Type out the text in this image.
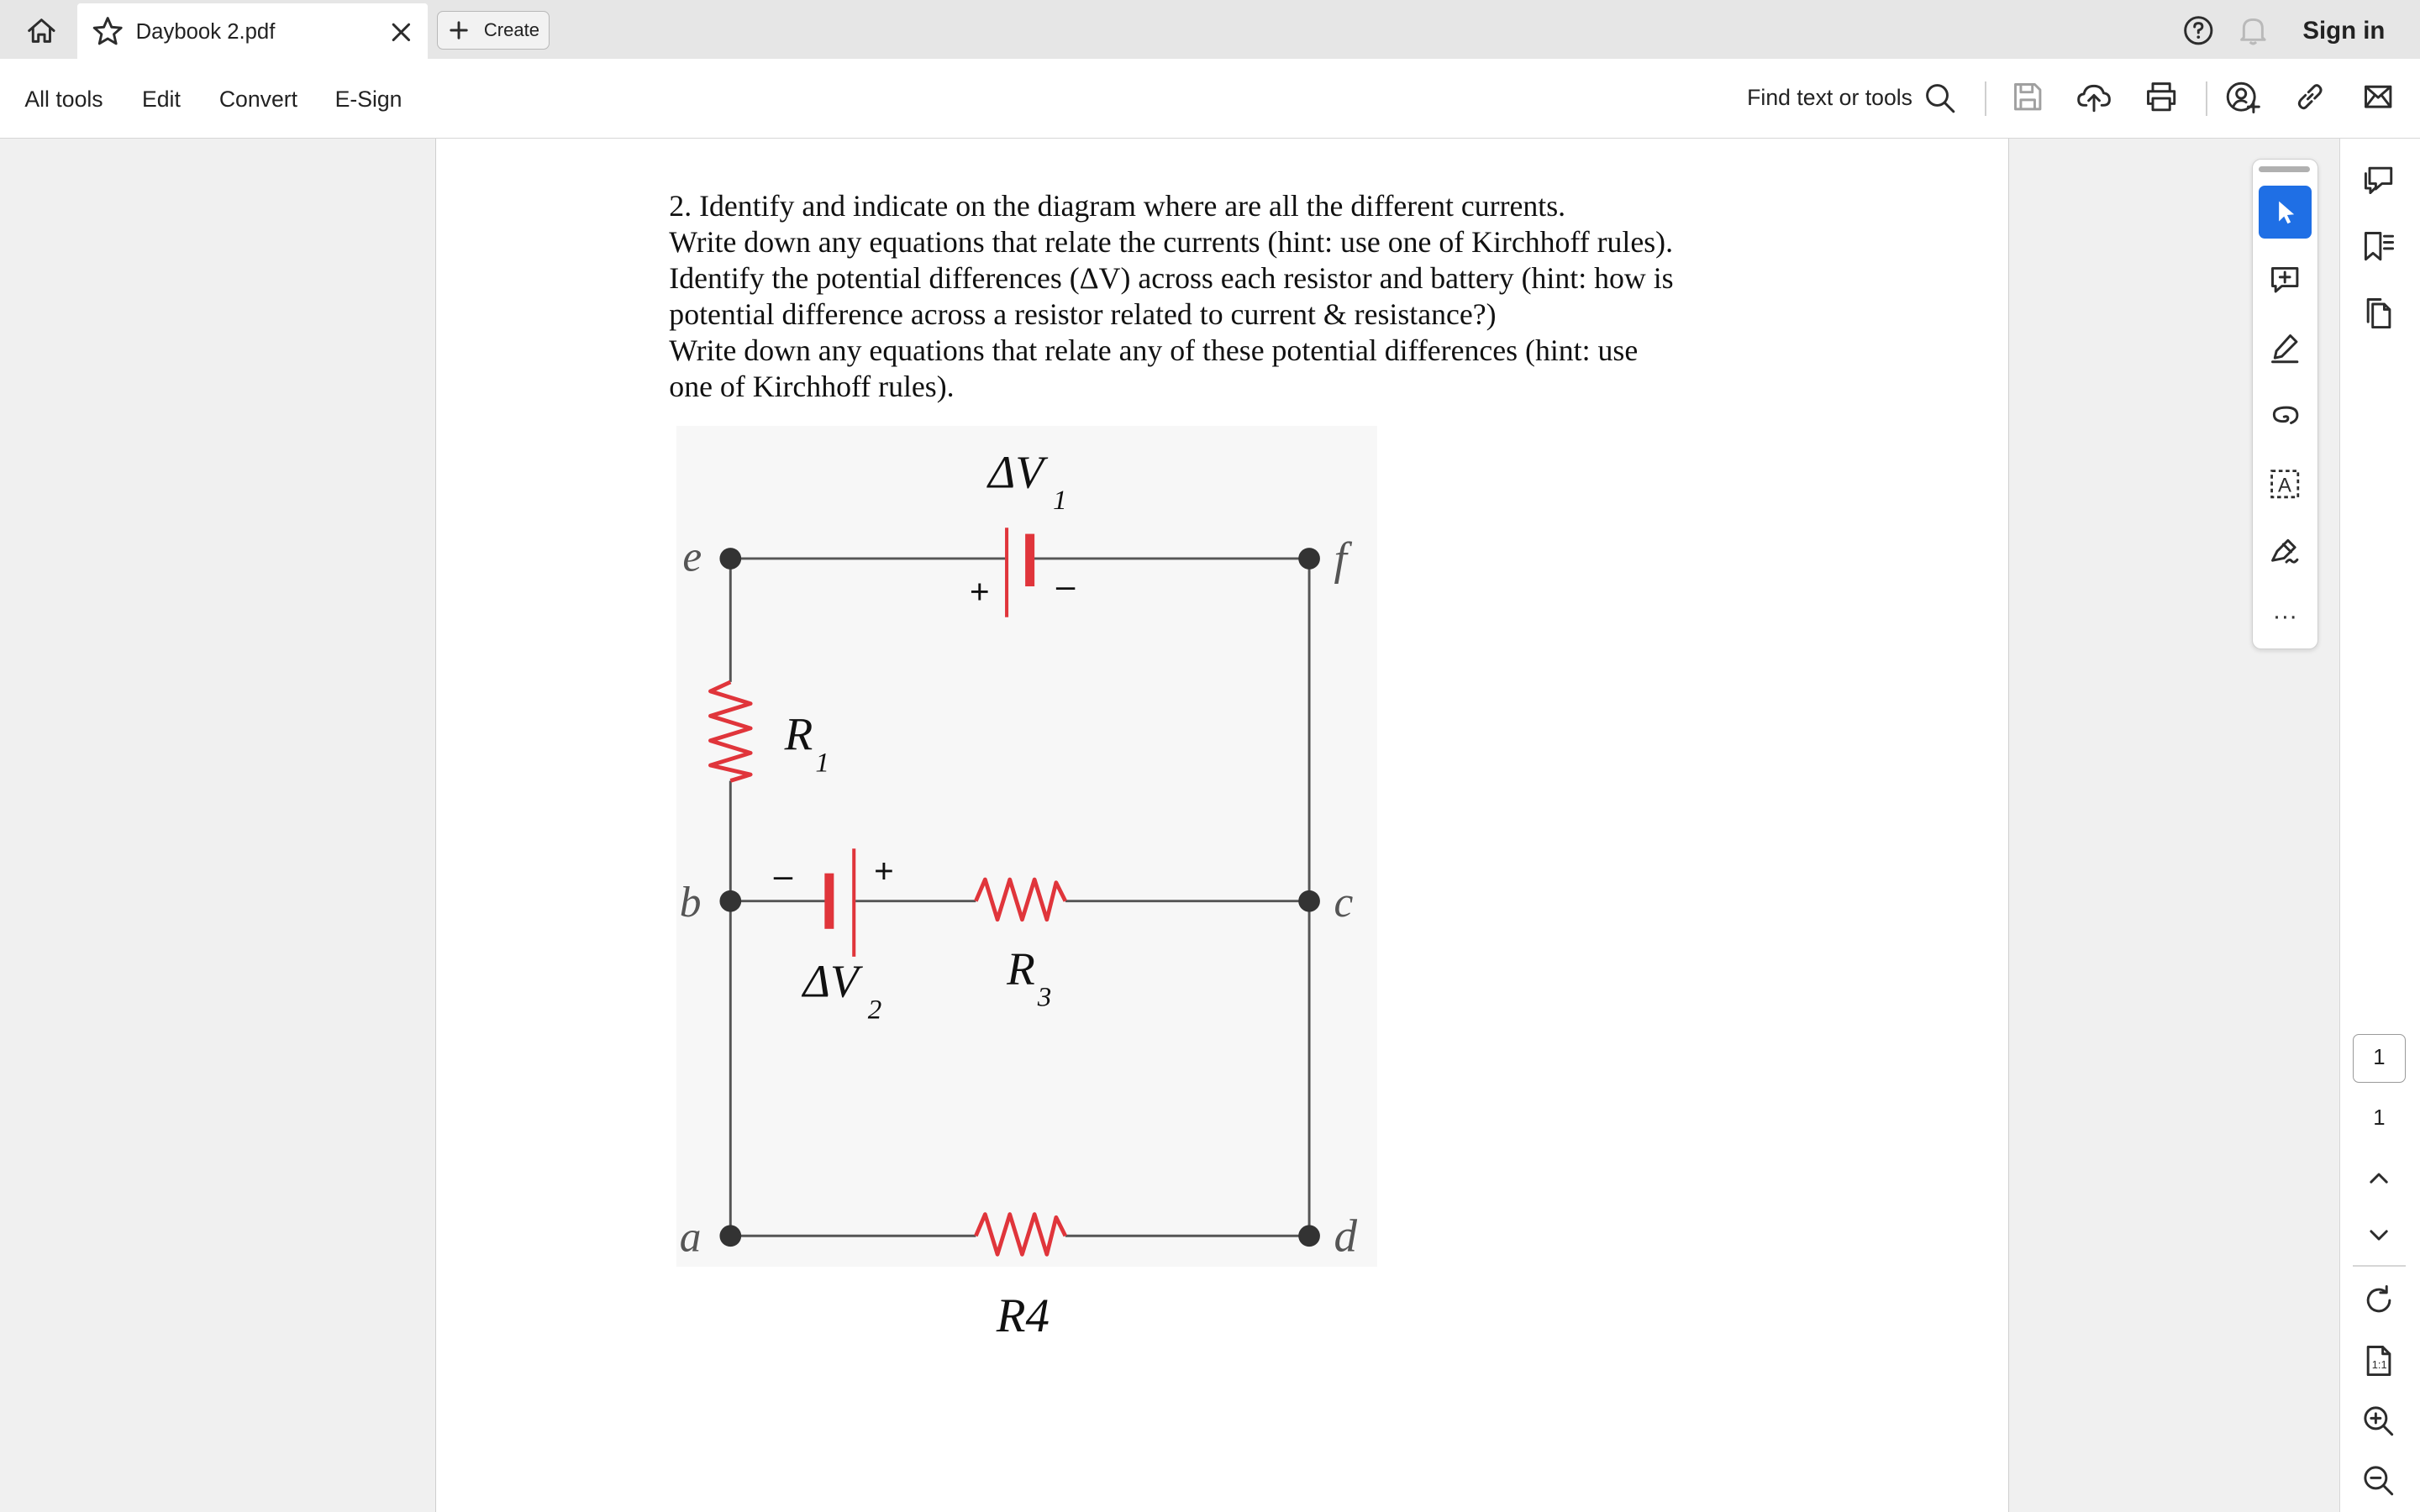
Daybook 2.pdf	Create	Sign in
All tools	Edit	Convert	E-Sign	Find text or tools
2. Identify and indicate on the diagram where are all the different currents.
Write down any equations that relate the currents (hint: use one of Kirchhoff rules).
Identify the potential differences (ΔV) across each resistor and battery (hint: how is
potential difference across a resistor related to current & resistance?)
Write down any equations that relate any of these potential differences (hint: use
one of Kirchhoff rules).
+	–
ΔV
1
R
1
–	+
ΔV
2
R
3
e	f
b	c
a	d
R4
A
···
1
1
1:1
